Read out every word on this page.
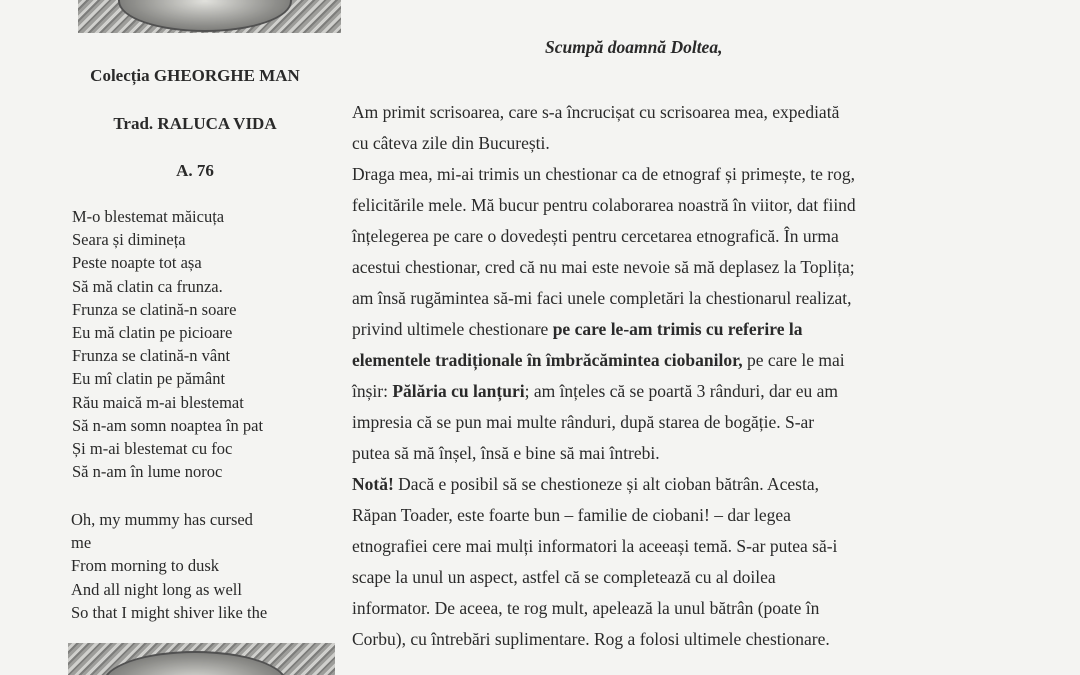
Colecția GHEORGHE MAN
Trad. RALUCA VIDA
A. 76
M-o blestemat măicuța
Seara și dimineța
Peste noapte tot așa
Să mă clatin ca frunza.
Frunza se clatină-n soare
Eu mă clatin pe picioare
Frunza se clatină-n vânt
Eu mî clatin pe pământ
Rău maică m-ai blestemat
Să n-am somn noaptea în pat
Și m-ai blestemat cu foc
Să n-am în lume noroc
Oh, my mummy has cursed
me
From morning to dusk
And all night long as well
So that I might shiver like the
Scumpă doamnă Doltea,
Am primit scrisoarea, care s-a încrucișat cu scrisoarea mea, expediată
cu câteva zile din București.
Draga mea, mi-ai trimis un chestionar ca de etnograf și primește, te rog,
felicitările mele. Mă bucur pentru colaborarea noastră în viitor, dat fiind
înțelegerea pe care o dovedești pentru cercetarea etnografică. În urma
acestui chestionar, cred că nu mai este nevoie să mă deplasez la Toplița;
am însă rugămintea să-mi faci unele completări la chestionarul realizat,
privind ultimele chestionare pe care le-am trimis cu referire la
elementele tradiționale în îmbrăcămintea ciobanilor, pe care le mai
înșir: Pălăria cu lanțuri; am înțeles că se poartă 3 rânduri, dar eu am
impresia că se pun mai multe rânduri, după starea de bogăție. S-ar
putea să mă înșel, însă e bine să mai întrebi.
Notă! Dacă e posibil să se chestioneze și alt cioban bătrân. Acesta,
Răpan Toader, este foarte bun – familie de ciobani! – dar legea
etnografiei cere mai mulți informatori la aceeași temă. S-ar putea să-i
scape la unul un aspect, astfel că se completează cu al doilea
informator. De aceea, te rog mult, apelează la unul bătrân (poate în
Corbu), cu întrebări suplimentare. Rog a folosi ultimele chestionare.
